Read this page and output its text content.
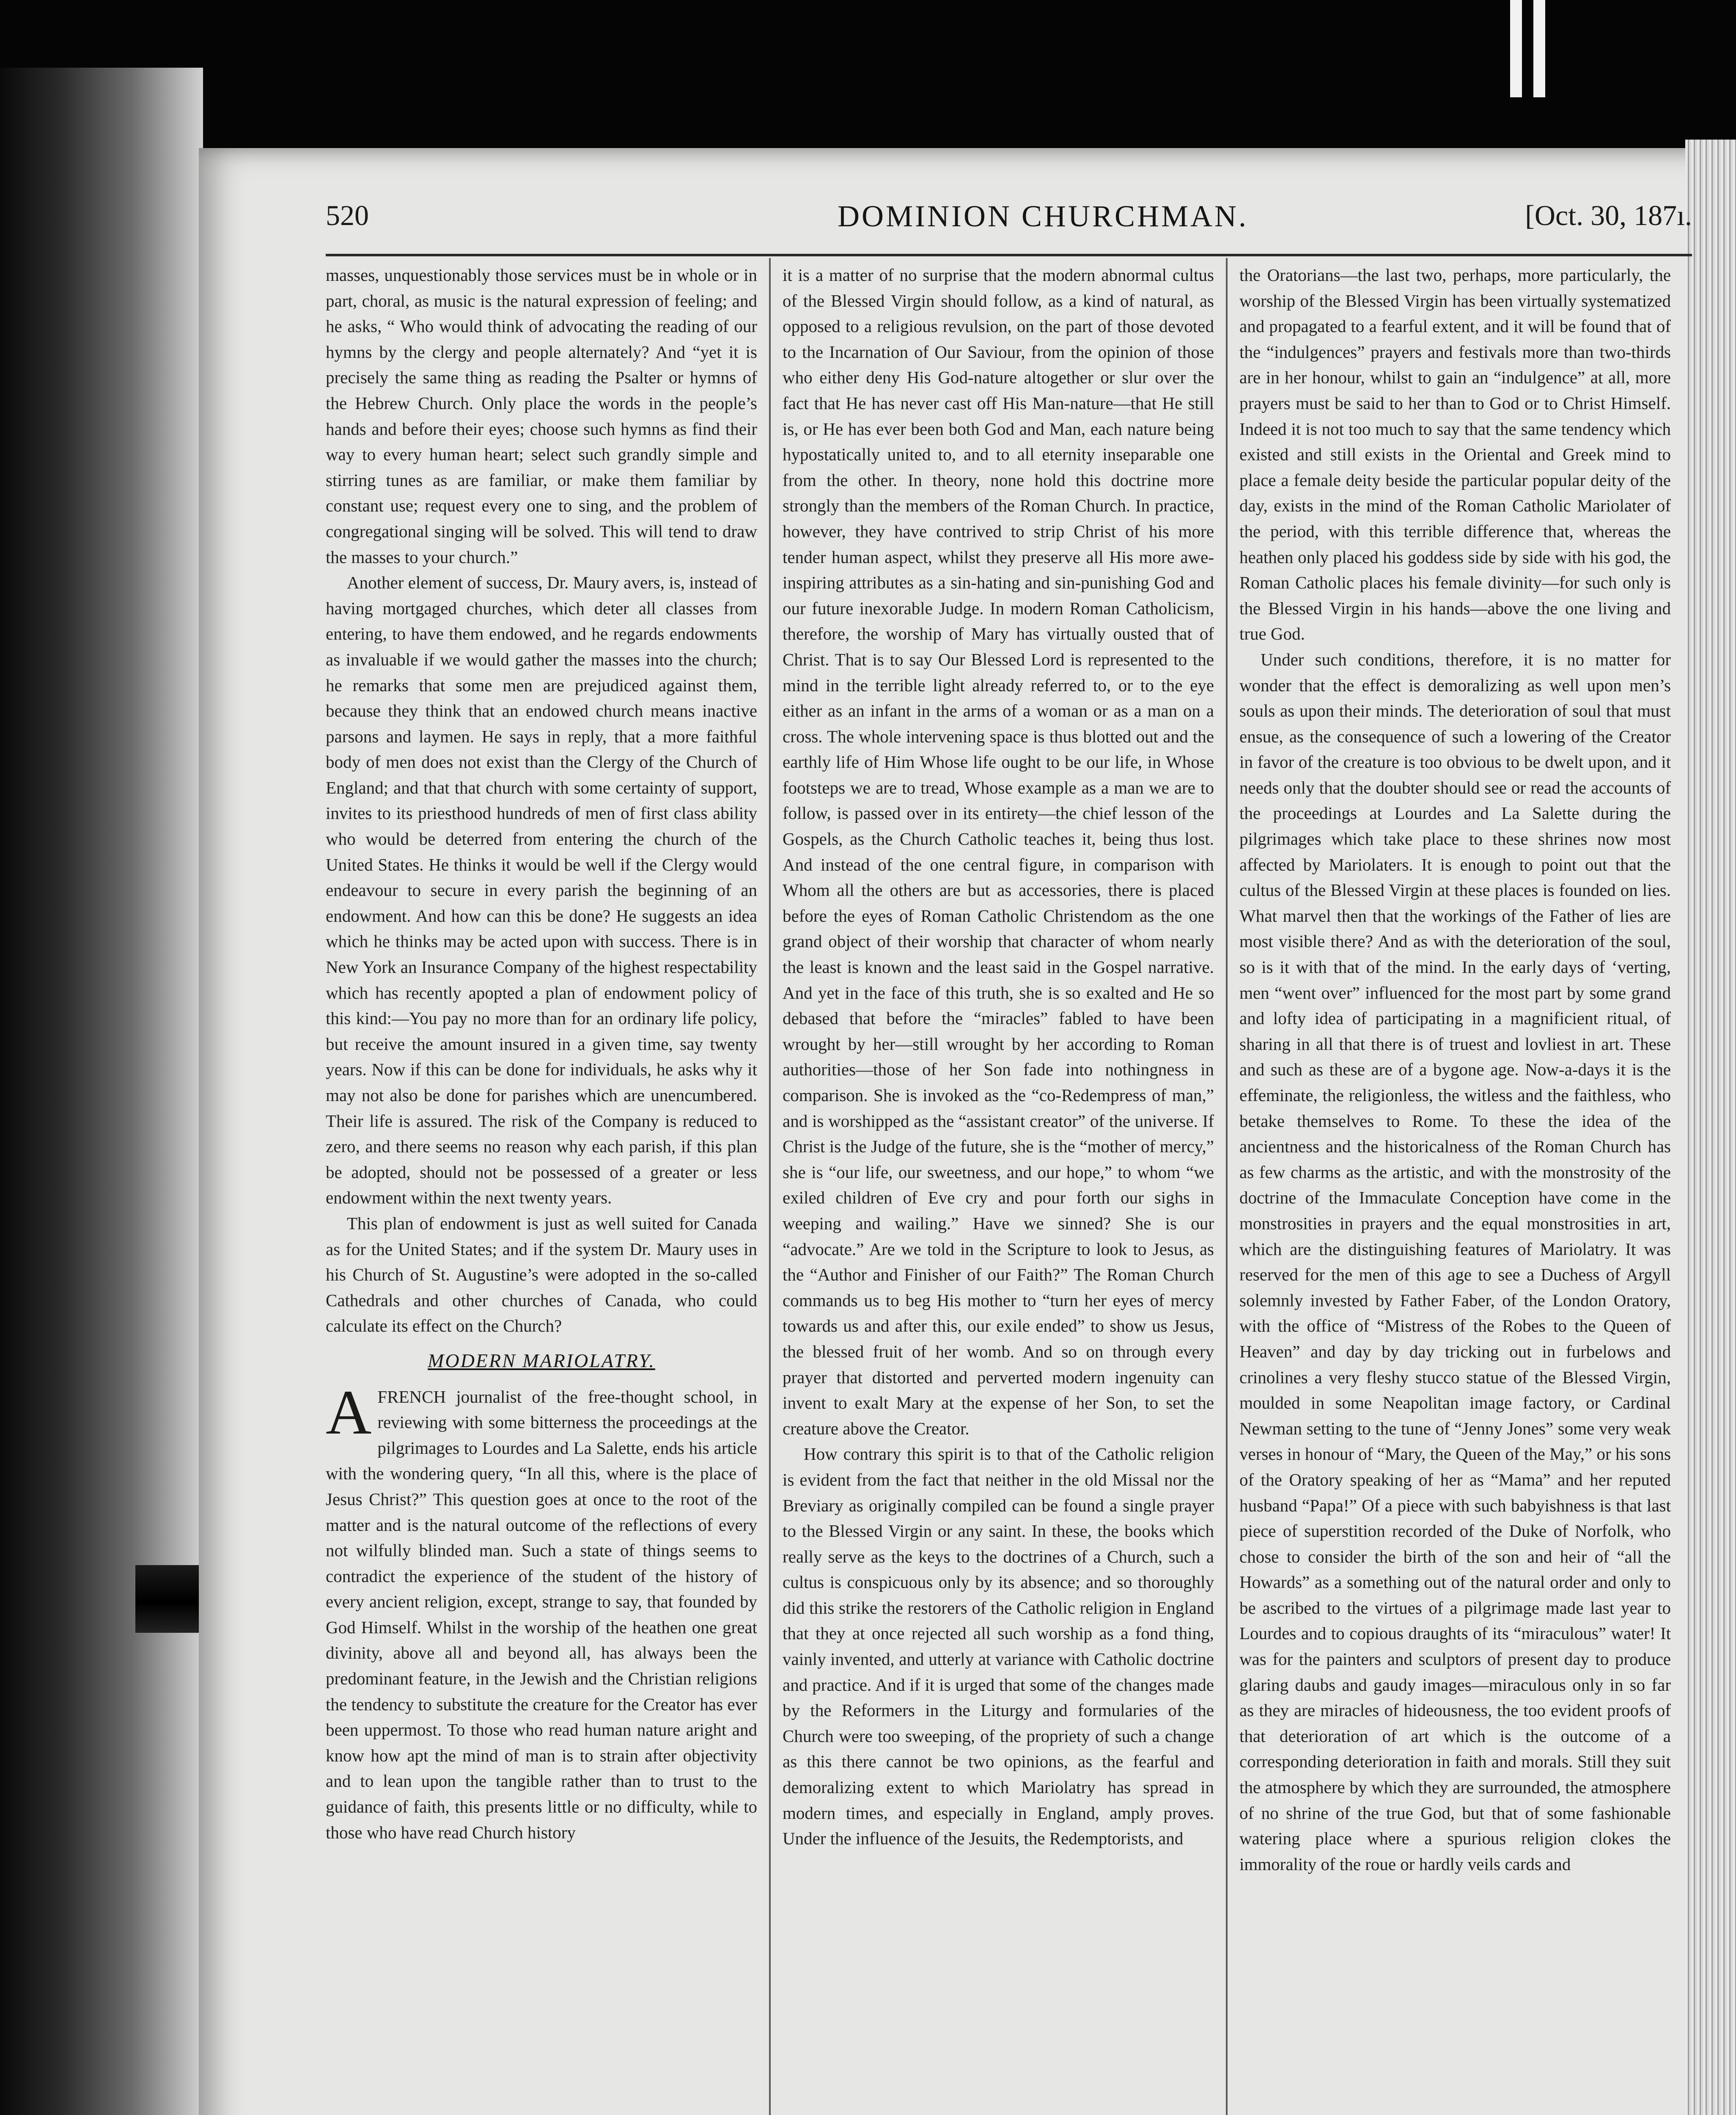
520	DOMINION CHURCHMAN.	[Oct. 30, 187ı.

masses, unquestionably those services must be in whole or in part, choral, as music is the natural expression of feeling; and he asks, “ Who would think of advocating the reading of our hymns by the clergy and people alternately? And “yet it is precisely the same thing as reading the Psalter or hymns of the Hebrew Church. Only place the words in the people’s hands and before their eyes; choose such hymns as find their way to every human heart; select such grandly simple and stirring tunes as are familiar, or make them familiar by constant use; request every one to sing, and the problem of congregational singing will be solved. This will tend to draw the masses to your church.”

Another element of success, Dr. Maury avers, is, instead of having mortgaged churches, which deter all classes from entering, to have them endowed, and he regards endowments as invaluable if we would gather the masses into the church; he remarks that some men are prejudiced against them, because they think that an endowed church means inactive parsons and laymen. He says in reply, that a more faithful body of men does not exist than the Clergy of the Church of England; and that that church with some certainty of support, invites to its priesthood hundreds of men of first class ability who would be deterred from entering the church of the United States. He thinks it would be well if the Clergy would endeavour to secure in every parish the beginning of an endowment. And how can this be done? He suggests an idea which he thinks may be acted upon with success. There is in New York an Insurance Company of the highest respectability which has recently apopted a plan of endowment policy of this kind:—You pay no more than for an ordinary life policy, but receive the amount insured in a given time, say twenty years. Now if this can be done for individuals, he asks why it may not also be done for parishes which are unencumbered. Their life is assured. The risk of the Company is reduced to zero, and there seems no reason why each parish, if this plan be adopted, should not be possessed of a greater or less endowment within the next twenty years.

This plan of endowment is just as well suited for Canada as for the United States; and if the system Dr. Maury uses in his Church of St. Augustine’s were adopted in the so-called Cathedrals and other churches of Canada, who could calculate its effect on the Church?

MODERN MARIOLATRY.
A FRENCH journalist of the free-thought school, in reviewing with some bitterness the proceedings at the pilgrimages to Lourdes and La Salette, ends his article with the wondering query, “In all this, where is the place of Jesus Christ?” This question goes at once to the root of the matter and is the natural outcome of the reflections of every not wilfully blinded man. Such a state of things seems to contradict the experience of the student of the history of every ancient religion, except, strange to say, that founded by God Himself. Whilst in the worship of the heathen one great divinity, above all and beyond all, has always been the predominant feature, in the Jewish and the Christian religions the tendency to substitute the creature for the Creator has ever been uppermost. To those who read human nature aright and know how apt the mind of man is to strain after objectivity and to lean upon the tangible rather than to trust to the guidance of faith, this presents little or no difficulty, while to those who have read Church history

it is a matter of no surprise that the modern abnormal cultus of the Blessed Virgin should follow, as a kind of natural, as opposed to a religious revulsion, on the part of those devoted to the Incarnation of Our Saviour, from the opinion of those who either deny His God-nature altogether or slur over the fact that He has never cast off His Man-nature—that He still is, or He has ever been both God and Man, each nature being hypostatically united to, and to all eternity inseparable one from the other. In theory, none hold this doctrine more strongly than the members of the Roman Church. In practice, however, they have contrived to strip Christ of his more tender human aspect, whilst they preserve all His more awe-inspiring attributes as a sin-hating and sin-punishing God and our future inexorable Judge. In modern Roman Catholicism, therefore, the worship of Mary has virtually ousted that of Christ. That is to say Our Blessed Lord is represented to the mind in the terrible light already referred to, or to the eye either as an infant in the arms of a woman or as a man on a cross. The whole intervening space is thus blotted out and the earthly life of Him Whose life ought to be our life, in Whose footsteps we are to tread, Whose example as a man we are to follow, is passed over in its entirety—the chief lesson of the Gospels, as the Church Catholic teaches it, being thus lost. And instead of the one central figure, in comparison with Whom all the others are but as accessories, there is placed before the eyes of Roman Catholic Christendom as the one grand object of their worship that character of whom nearly the least is known and the least said in the Gospel narrative. And yet in the face of this truth, she is so exalted and He so debased that before the “miracles” fabled to have been wrought by her—still wrought by her according to Roman authorities—those of her Son fade into nothingness in comparison. She is invoked as the “co-Redempress of man,” and is worshipped as the “assistant creator” of the universe. If Christ is the Judge of the future, she is the “mother of mercy,” she is “our life, our sweetness, and our hope,” to whom “we exiled children of Eve cry and pour forth our sighs in weeping and wailing.” Have we sinned? She is our “advocate.” Are we told in the Scripture to look to Jesus, as the “Author and Finisher of our Faith?” The Roman Church commands us to beg His mother to “turn her eyes of mercy towards us and after this, our exile ended” to show us Jesus, the blessed fruit of her womb. And so on through every prayer that distorted and perverted modern ingenuity can invent to exalt Mary at the expense of her Son, to set the creature above the Creator.

How contrary this spirit is to that of the Catholic religion is evident from the fact that neither in the old Missal nor the Breviary as originally compiled can be found a single prayer to the Blessed Virgin or any saint. In these, the books which really serve as the keys to the doctrines of a Church, such a cultus is conspicuous only by its absence; and so thoroughly did this strike the restorers of the Catholic religion in England that they at once rejected all such worship as a fond thing, vainly invented, and utterly at variance with Catholic doctrine and practice. And if it is urged that some of the changes made by the Reformers in the Liturgy and formularies of the Church were too sweeping, of the propriety of such a change as this there cannot be two opinions, as the fearful and demoralizing extent to which Mariolatry has spread in modern times, and especially in England, amply proves. Under the influence of the Jesuits, the Redemptorists, and

the Oratorians—the last two, perhaps, more particularly, the worship of the Blessed Virgin has been virtually systematized and propagated to a fearful extent, and it will be found that of the “indulgences” prayers and festivals more than two-thirds are in her honour, whilst to gain an “indulgence” at all, more prayers must be said to her than to God or to Christ Himself. Indeed it is not too much to say that the same tendency which existed and still exists in the Oriental and Greek mind to place a female deity beside the particular popular deity of the day, exists in the mind of the Roman Catholic Mariolater of the period, with this terrible difference that, whereas the heathen only placed his goddess side by side with his god, the Roman Catholic places his female divinity—for such only is the Blessed Virgin in his hands—above the one living and true God.

Under such conditions, therefore, it is no matter for wonder that the effect is demoralizing as well upon men’s souls as upon their minds. The deterioration of soul that must ensue, as the consequence of such a lowering of the Creator in favor of the creature is too obvious to be dwelt upon, and it needs only that the doubter should see or read the accounts of the proceedings at Lourdes and La Salette during the pilgrimages which take place to these shrines now most affected by Mariolaters. It is enough to point out that the cultus of the Blessed Virgin at these places is founded on lies. What marvel then that the workings of the Father of lies are most visible there? And as with the deterioration of the soul, so is it with that of the mind. In the early days of ‘verting, men “went over” influenced for the most part by some grand and lofty idea of participating in a magnificient ritual, of sharing in all that there is of truest and lovliest in art. These and such as these are of a bygone age. Now-a-days it is the effeminate, the religionless, the witless and the faithless, who betake themselves to Rome. To these the idea of the ancientness and the historicalness of the Roman Church has as few charms as the artistic, and with the monstrosity of the doctrine of the Immaculate Conception have come in the monstrosities in prayers and the equal monstrosities in art, which are the distinguishing features of Mariolatry. It was reserved for the men of this age to see a Duchess of Argyll solemnly invested by Father Faber, of the London Oratory, with the office of “Mistress of the Robes to the Queen of Heaven” and day by day tricking out in furbelows and crinolines a very fleshy stucco statue of the Blessed Virgin, moulded in some Neapolitan image factory, or Cardinal Newman setting to the tune of “Jenny Jones” some very weak verses in honour of “Mary, the Queen of the May,” or his sons of the Oratory speaking of her as “Mama” and her reputed husband “Papa!” Of a piece with such babyishness is that last piece of superstition recorded of the Duke of Norfolk, who chose to consider the birth of the son and heir of “all the Howards” as a something out of the natural order and only to be ascribed to the virtues of a pilgrimage made last year to Lourdes and to copious draughts of its “miraculous” water! It was for the painters and sculptors of present day to produce glaring daubs and gaudy images—miraculous only in so far as they are miracles of hideousness, the too evident proofs of that deterioration of art which is the outcome of a corresponding deterioration in faith and morals. Still they suit the atmosphere by which they are surrounded, the atmosphere of no shrine of the true God, but that of some fashionable watering place where a spurious religion clokes the immorality of the roue or hardly veils cards and
